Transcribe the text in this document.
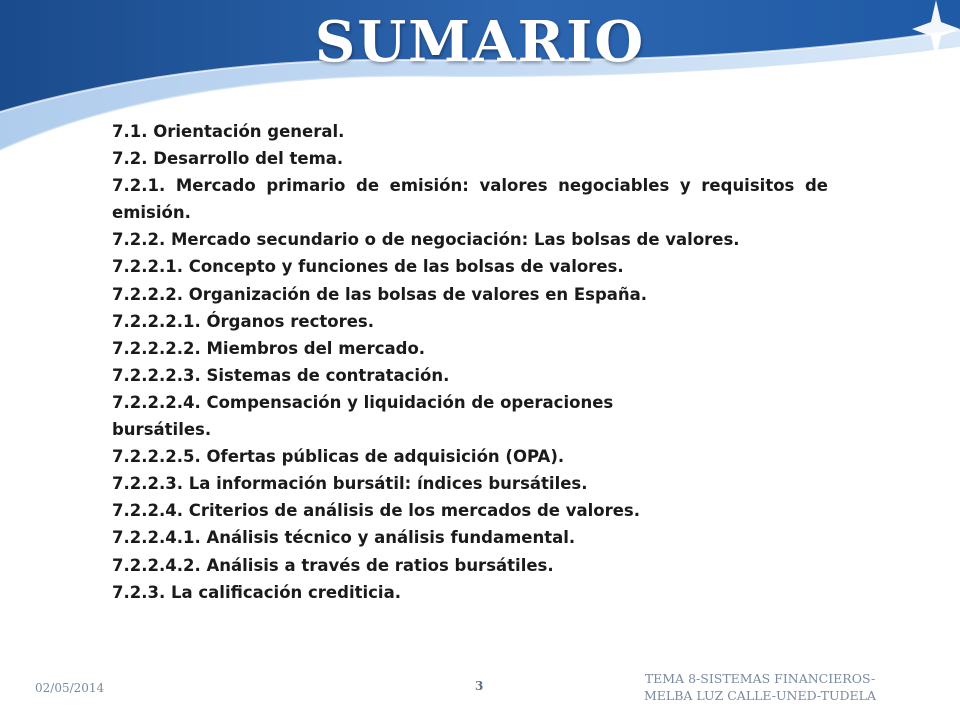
SUMARIO
7.1. Orientación general.
7.2. Desarrollo del tema.
7.2.1. Mercado primario de emisión: valores negociables y requisitos de emisión.
7.2.2. Mercado secundario o de negociación: Las bolsas de valores.
7.2.2.1. Concepto y funciones de las bolsas de valores.
7.2.2.2. Organización de las bolsas de valores en España.
7.2.2.2.1. Órganos rectores.
7.2.2.2.2. Miembros del mercado.
7.2.2.2.3. Sistemas de contratación.
7.2.2.2.4. Compensación y liquidación de operaciones bursátiles.
7.2.2.2.5. Ofertas públicas de adquisición (OPA).
7.2.2.3. La información bursátil: índices bursátiles.
7.2.2.4. Criterios de análisis de los mercados de valores.
7.2.2.4.1. Análisis técnico y análisis fundamental.
7.2.2.4.2. Análisis a través de ratios bursátiles.
7.2.3. La calificación crediticia.
02/05/2014	3	TEMA 8-SISTEMAS FINANCIEROS-
MELBA LUZ CALLE-UNED-TUDELA
